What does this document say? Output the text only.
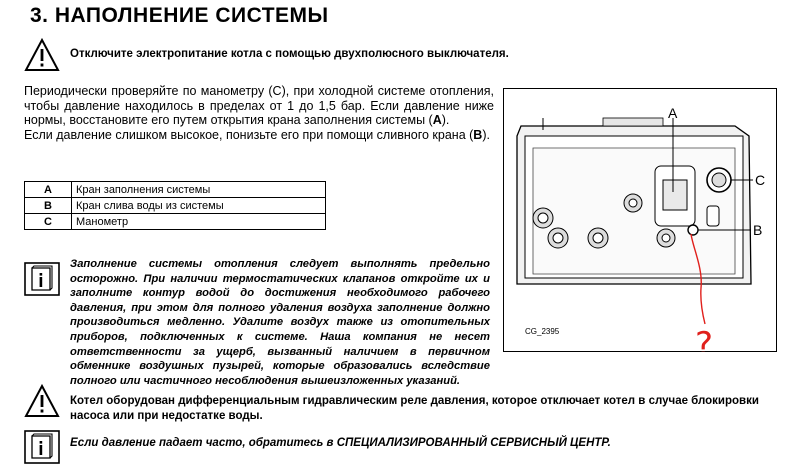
3. НАПОЛНЕНИЕ СИСТЕМЫ
Отключите электропитание котла с помощью двухполюсного выключателя.
Периодически проверяйте по манометру (С), при холодной системе отопления, чтобы давление находилось в пределах от 1 до 1,5 бар. Если давление ниже нормы, восстановите его путем открытия крана заполнения системы (А).
Если давление слишком высокое, понизьте его при помощи сливного крана (В).
A	Кран заполнения системы
B	Кран слива воды из системы
C	Манометр
Заполнение системы отопления следует выполнять предельно осторожно. При наличии термостатических клапанов откройте их и заполните контур водой до достижения необходимого рабочего давления, при этом для полного удаления воздуха заполнение должно производиться медленно. Удалите воздух также из отопительных приборов, подключенных к системе. Наша компания не несет ответственности за ущерб, вызванный наличием в первичном обменнике воздушных пузырей, которые образовались вследствие полного или частичного несоблюдения вышеизложенных указаний.
A
C
B
CG_2395	?
Котел оборудован дифференциальным гидравлическим реле давления, которое отключает котел в случае блокировки насоса или при недостатке воды.
Если давление падает часто, обратитесь в СПЕЦИАЛИЗИРОВАННЫЙ СЕРВИСНЫЙ ЦЕНТР.
